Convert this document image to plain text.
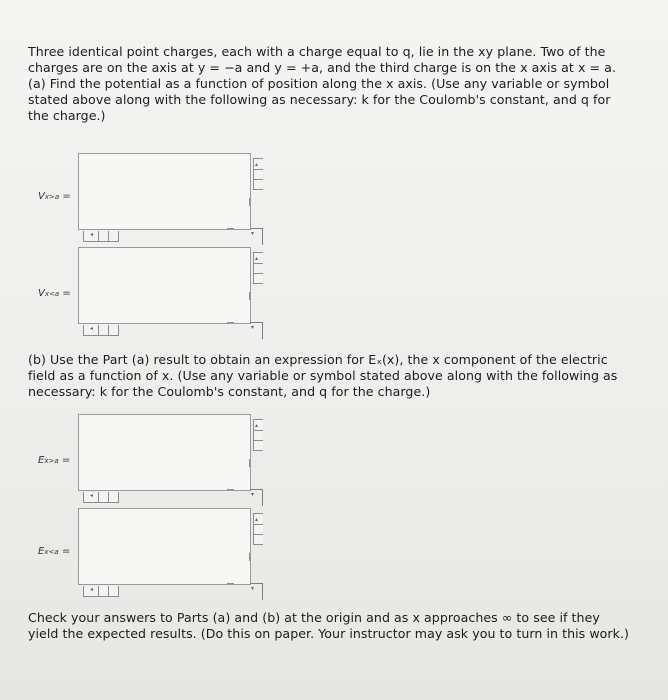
Three identical point charges, each with a charge equal to q, lie in the xy plane. Two of the charges are on the axis at y = −a and y = +a, and the third charge is on the x axis at x = a.

(a) Find the potential as a function of position along the x axis. (Use any variable or symbol stated above along with the following as necessary: k for the Coulomb's constant, and q for the charge.)

Vx>a =
▴
▾
◂
Vx<a =
▴
▾
◂

(b) Use the Part (a) result to obtain an expression for Eₓ(x), the x component of the electric field as a function of x. (Use any variable or symbol stated above along with the following as necessary: k for the Coulomb's constant, and q for the charge.)

Ex>a =
▴
▾
◂
Ex<a =
▴
▾
◂

Check your answers to Parts (a) and (b) at the origin and as x approaches ∞ to see if they yield the expected results. (Do this on paper. Your instructor may ask you to turn in this work.)
